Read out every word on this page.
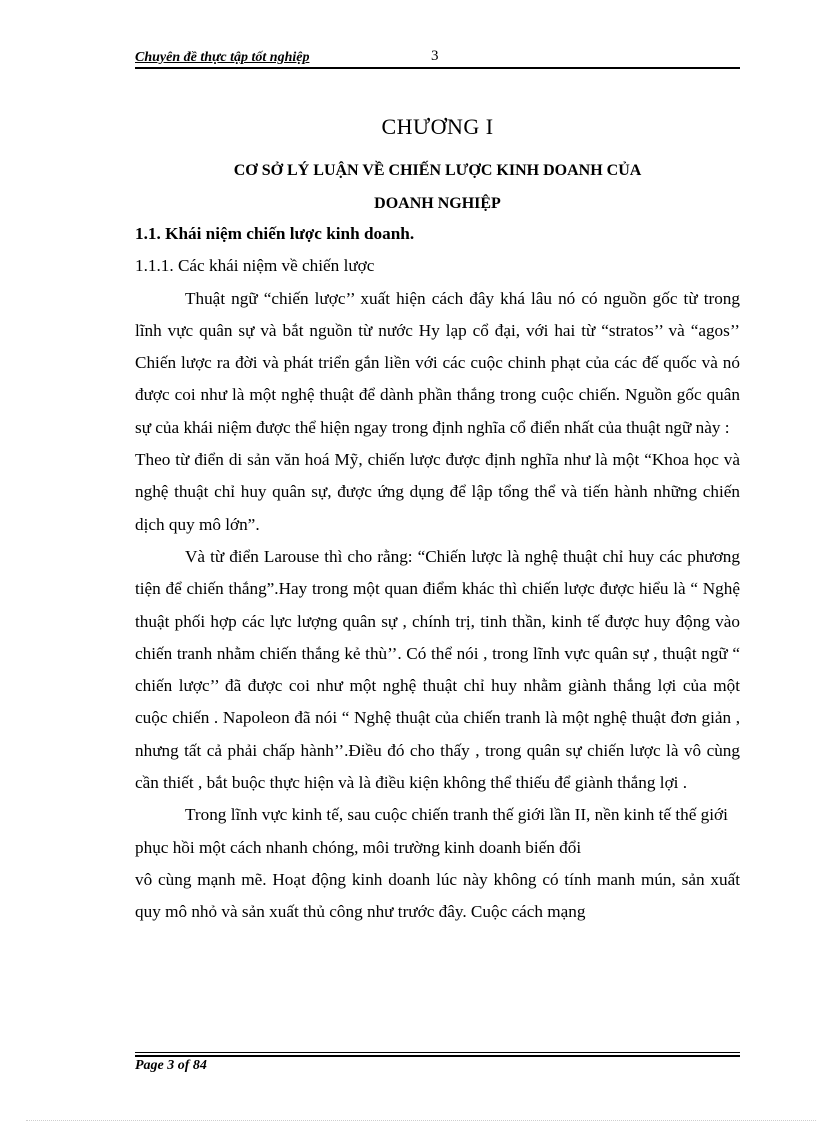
Chuyên đề thực tập tốt nghiệp	3
CHƯƠNG I
CƠ SỞ LÝ LUẬN VỀ CHIẾN LƯỢC KINH DOANH CỦA
DOANH NGHIỆP

1.1. Khái niệm chiến lược kinh doanh.

1.1.1. Các khái niệm về chiến lược

Thuật ngữ “chiến lược’’ xuất hiện cách đây khá lâu nó có nguồn gốc từ trong lĩnh vực quân sự và bắt nguồn từ nước Hy lạp cổ đại, với hai từ “stratos’’ và “agos’’ Chiến lược ra đời và phát triển gắn liền với các cuộc chinh phạt của các đế quốc và nó được coi như là một nghệ thuật để dành phần thắng trong cuộc chiến. Nguồn gốc quân sự của khái niệm được thể hiện ngay trong định nghĩa cổ điển nhất của thuật ngữ này :

Theo từ điển di sản văn hoá Mỹ, chiến lược được định nghĩa như là một “Khoa học và nghệ thuật chỉ huy quân sự, được ứng dụng để lập tổng thể và tiến hành những chiến dịch quy mô lớn”.

Và từ điển Larouse thì cho rằng: “Chiến lược là nghệ thuật chỉ huy các phương tiện để chiến thắng”.Hay trong một quan điểm khác thì chiến lược được hiểu là “ Nghệ thuật phối hợp các lực lượng quân sự , chính trị, tinh thần, kinh tế được huy động vào chiến tranh nhằm chiến thắng kẻ thù’’. Có thể nói , trong lĩnh vực quân sự , thuật ngữ “ chiến lược’’ đã được coi như một nghệ thuật chỉ huy nhằm giành thắng lợi của một cuộc chiến . Napoleon đã nói “ Nghệ thuật của chiến tranh là một nghệ thuật đơn giản , nhưng tất cả phải chấp hành’’.Điều đó cho thấy , trong quân sự chiến lược là vô cùng cần thiết , bắt buộc thực hiện và là điều kiện không thể thiếu để giành thắng lợi .

Trong lĩnh vực kinh tế, sau cuộc chiến tranh thế giới lần II, nền kinh tế thế giới phục hồi một cách nhanh chóng, môi trường kinh doanh biến đổi

vô cùng mạnh mẽ. Hoạt động kinh doanh lúc này không có tính manh mún, sản xuất quy mô nhỏ và sản xuất thủ công như trước đây. Cuộc cách mạng

Page 3 of 84
